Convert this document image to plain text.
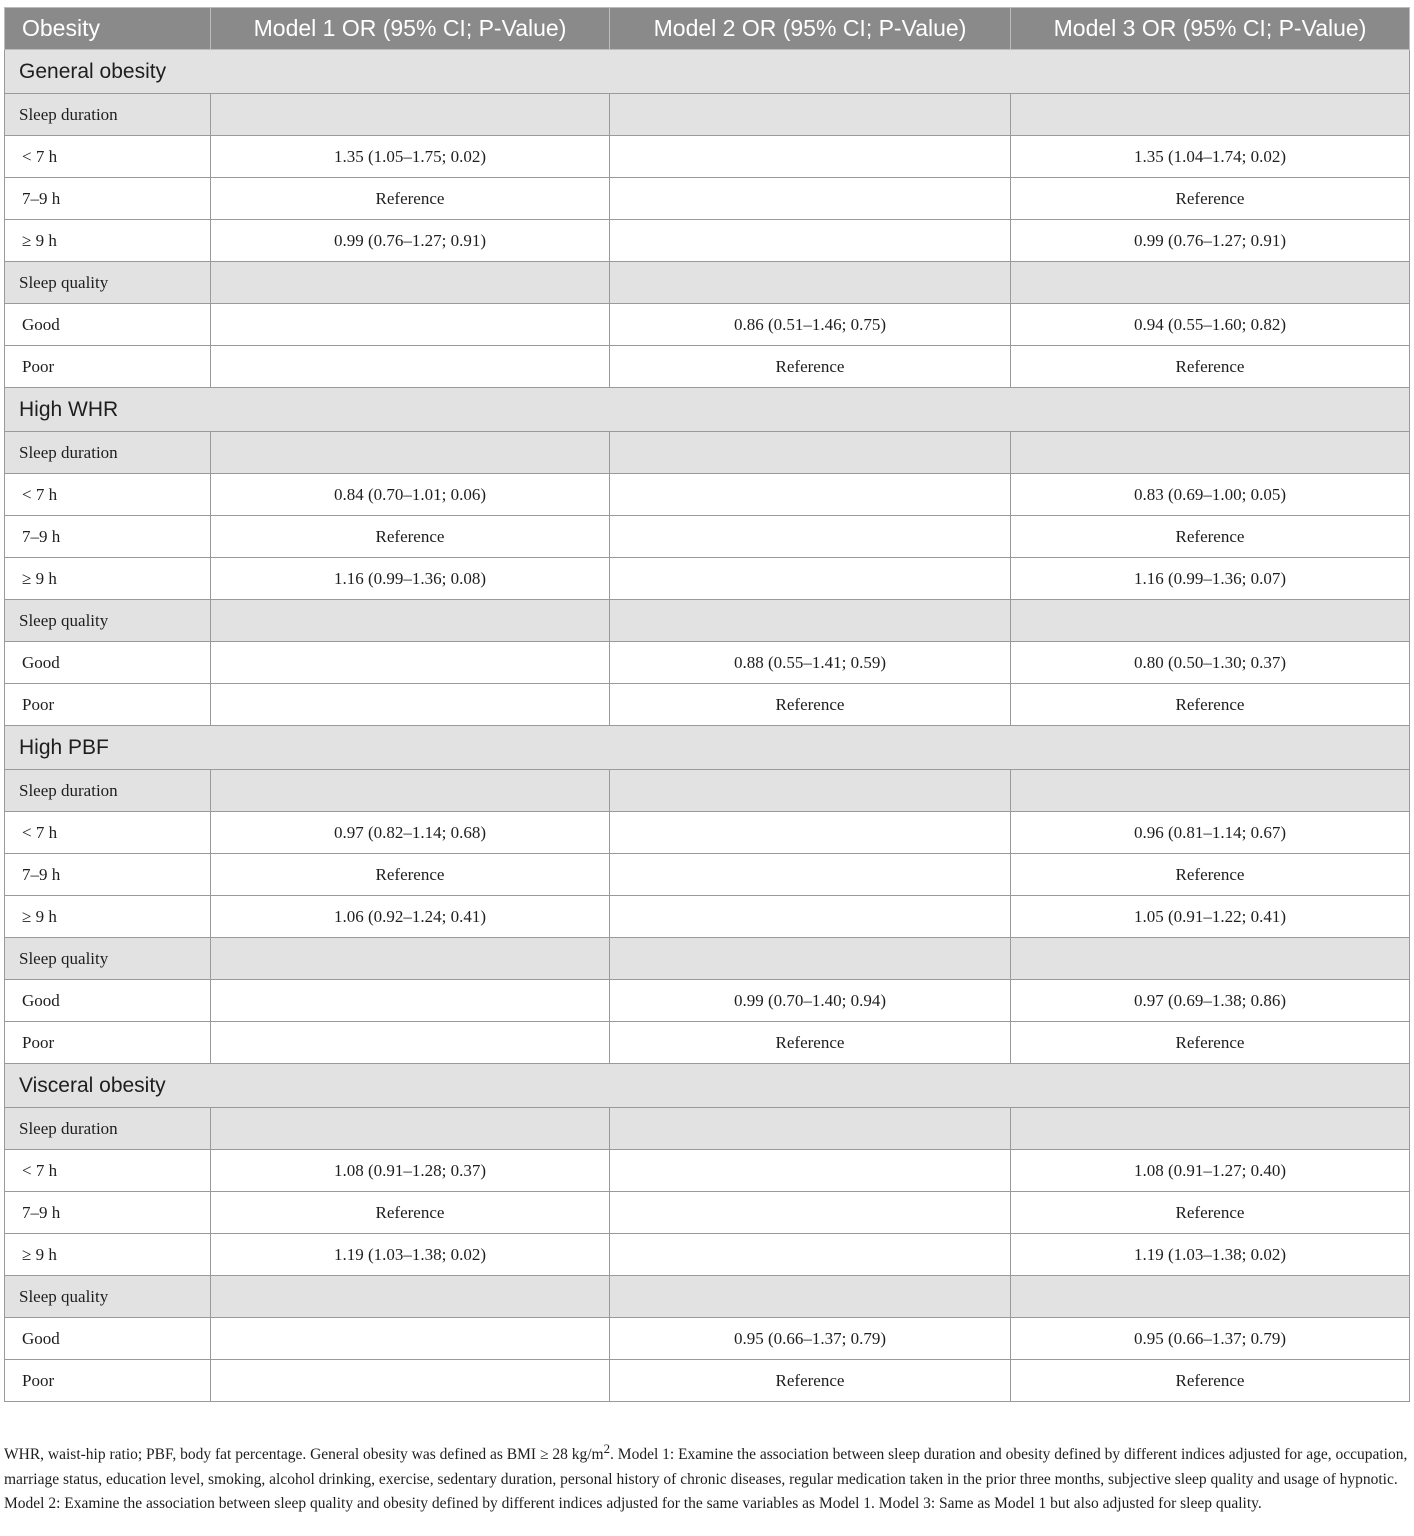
Obesity	Model 1 OR (95% CI; P-Value)	Model 2 OR (95% CI; P-Value)	Model 3 OR (95% CI; P-Value)
General obesity			
Sleep duration			
< 7 h	1.35 (1.05–1.75; 0.02)		1.35 (1.04–1.74; 0.02)
7–9 h	Reference		Reference
≥ 9 h	0.99 (0.76–1.27; 0.91)		0.99 (0.76–1.27; 0.91)
Sleep quality			
Good		0.86 (0.51–1.46; 0.75)	0.94 (0.55–1.60; 0.82)
Poor		Reference	Reference
High WHR			
Sleep duration			
< 7 h	0.84 (0.70–1.01; 0.06)		0.83 (0.69–1.00; 0.05)
7–9 h	Reference		Reference
≥ 9 h	1.16 (0.99–1.36; 0.08)		1.16 (0.99–1.36; 0.07)
Sleep quality			
Good		0.88 (0.55–1.41; 0.59)	0.80 (0.50–1.30; 0.37)
Poor		Reference	Reference
High PBF			
Sleep duration			
< 7 h	0.97 (0.82–1.14; 0.68)		0.96 (0.81–1.14; 0.67)
7–9 h	Reference		Reference
≥ 9 h	1.06 (0.92–1.24; 0.41)		1.05 (0.91–1.22; 0.41)
Sleep quality			
Good		0.99 (0.70–1.40; 0.94)	0.97 (0.69–1.38; 0.86)
Poor		Reference	Reference
Visceral obesity			
Sleep duration			
< 7 h	1.08 (0.91–1.28; 0.37)		1.08 (0.91–1.27; 0.40)
7–9 h	Reference		Reference
≥ 9 h	1.19 (1.03–1.38; 0.02)		1.19 (1.03–1.38; 0.02)
Sleep quality			
Good		0.95 (0.66–1.37; 0.79)	0.95 (0.66–1.37; 0.79)
Poor		Reference	Reference

WHR, waist-hip ratio; PBF, body fat percentage. General obesity was defined as BMI ≥ 28 $kg/m^2$. Model 1: Examine the association between sleep duration and obesity defined by different indices adjusted for age, occupation, marriage status, education level, smoking, alcohol drinking, exercise, sedentary duration, personal history of chronic diseases, regular medication taken in the prior three months, subjective sleep quality and usage of hypnotic. Model 2: Examine the association between sleep quality and obesity defined by different indices adjusted for the same variables as Model 1. Model 3: Same as Model 1 but also adjusted for sleep quality.
